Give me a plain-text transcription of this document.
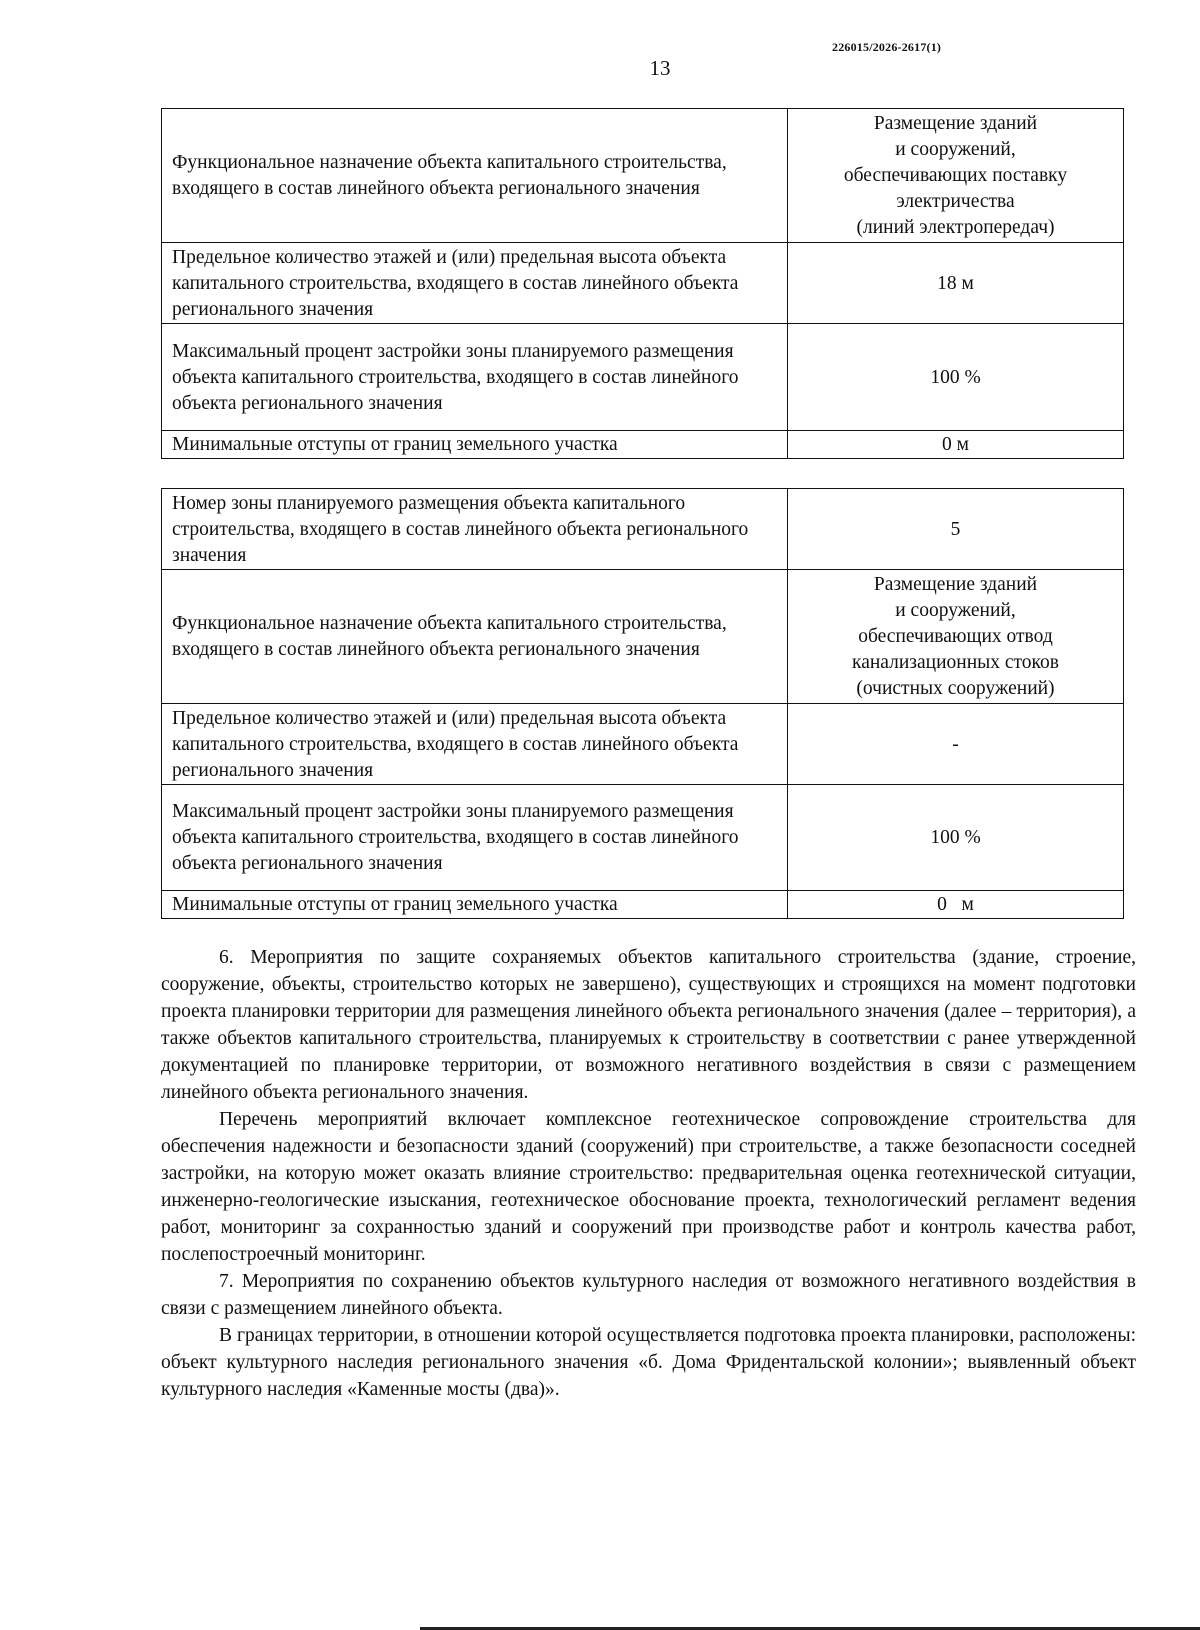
226015/2026-2617(1)
13
Функциональное назначение объекта капитального строительства, входящего в состав линейного объекта регионального значения	Размещение зданий
и сооружений,
обеспечивающих поставку
электричества
(линий электропередач)

Предельное количество этажей и (или) предельная высота объекта капитального строительства, входящего в состав линейного объекта регионального значения	18 м
Максимальный процент застройки зоны планируемого размещения объекта капитального строительства, входящего в состав линейного объекта регионального значения	100 %
Минимальные отступы от границ земельного участка	0 м
Номер зоны планируемого размещения объекта капитального строительства, входящего в состав линейного объекта регионального значения	5
Функциональное назначение объекта капитального строительства, входящего в состав линейного объекта регионального значения	Размещение зданий
и сооружений,
обеспечивающих отвод
канализационных стоков
(очистных сооружений)

Предельное количество этажей и (или) предельная высота объекта капитального строительства, входящего в состав линейного объекта регионального значения	-
Максимальный процент застройки зоны планируемого размещения объекта капитального строительства, входящего в состав линейного объекта регионального значения	100 %
Минимальные отступы от границ земельного участка	0   м

6. Мероприятия по защите сохраняемых объектов капитального строительства (здание, строение, сооружение, объекты, строительство которых не завершено), существующих и строящихся на момент подготовки проекта планировки территории для размещения линейного объекта регионального значения (далее – территория), а также объектов капитального строительства, планируемых к строительству в соответствии с ранее утвержденной документацией по планировке территории, от возможного негативного воздействия в связи с размещением линейного объекта регионального значения.

Перечень мероприятий включает комплексное геотехническое сопровождение строительства для обеспечения надежности и безопасности зданий (сооружений) при строительстве, а также безопасности соседней застройки, на которую может оказать влияние строительство: предварительная оценка геотехнической ситуации, инженерно-геологические изыскания, геотехническое обоснование проекта, технологический регламент ведения работ, мониторинг за сохранностью зданий и сооружений при производстве работ и контроль качества работ, послепостроечный мониторинг.

7. Мероприятия по сохранению объектов культурного наследия от возможного негативного воздействия в связи с размещением линейного объекта.

В границах территории, в отношении которой осуществляется подготовка проекта планировки, расположены: объект культурного наследия регионального значения «б. Дома Фридентальской колонии»; выявленный объект культурного наследия «Каменные мосты (два)».
